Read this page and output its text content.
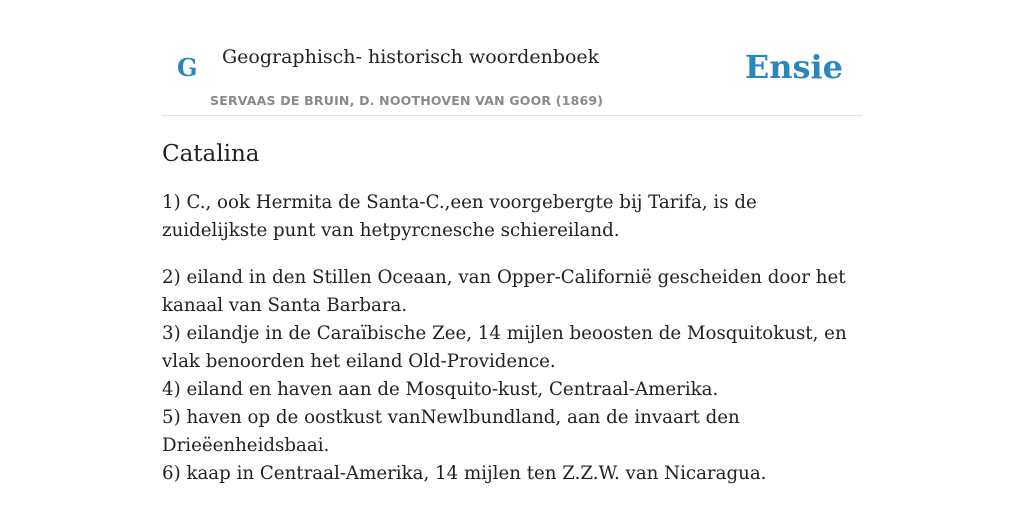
G Geographisch- historisch woordenboek
SERVAAS DE BRUIN, D. NOOTHOVEN VAN GOOR (1869)
Ensie
Catalina

1) C., ook Hermita de Santa-C.,een voorgebergte bij Tarifa, is de zuidelijkste punt van hetpyrcnesche schiereiland.

2) eiland in den Stillen Oceaan, van Opper-Californië gescheiden door het kanaal van Santa Barbara.
3) eilandje in de Caraïbische Zee, 14 mijlen beoosten de Mosquitokust, en vlak benoorden het eiland Old-Providence.
4) eiland en haven aan de Mosquito-kust, Centraal-Amerika.
5) haven op de oostkust vanNewlbundland, aan de invaart den Drieëenheidsbaai.
6) kaap in Centraal-Amerika, 14 mijlen ten Z.Z.W. van Nicaragua.
